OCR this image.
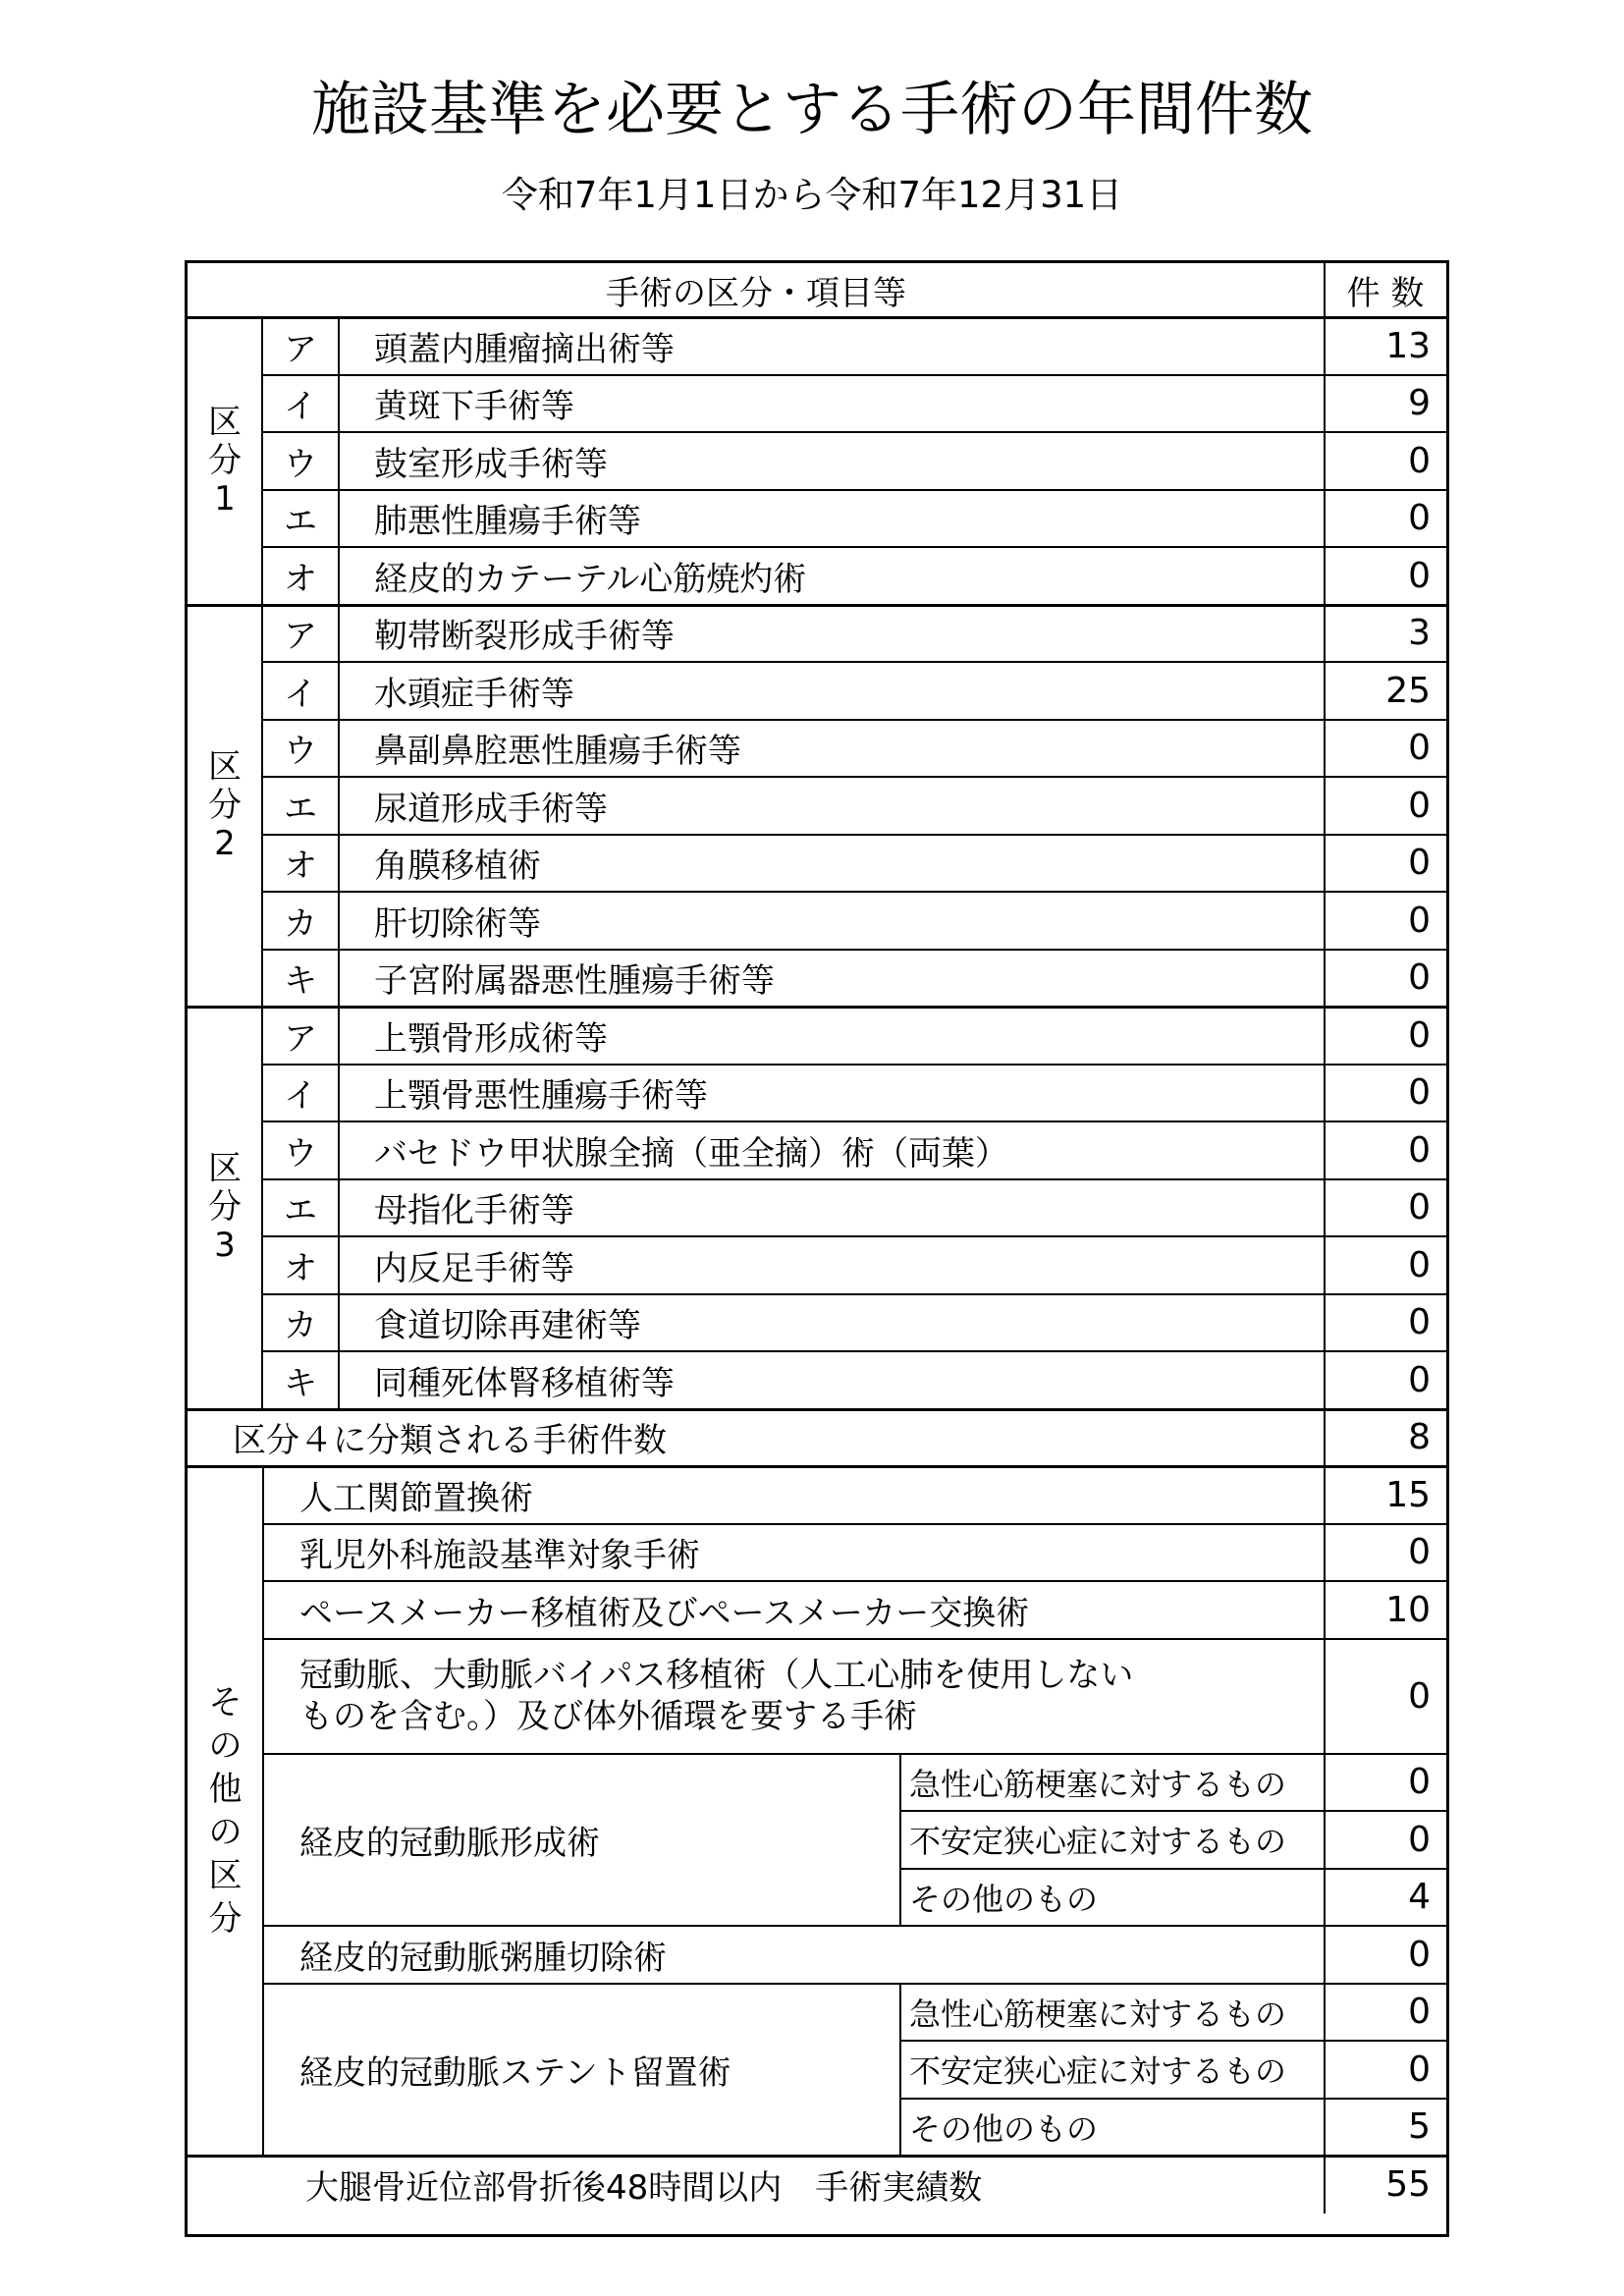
施設基準を必要とする手術の年間件数
令和7年1月1日から令和7年12月31日
手術の区分・項目等	件 数
区
分
1
ア	頭蓋内腫瘤摘出術等	13
イ	黄斑下手術等	9
ウ	鼓室形成手術等	0
エ	肺悪性腫瘍手術等	0
オ	経皮的カテーテル心筋焼灼術	0
区
分
2
ア	靭帯断裂形成手術等	3
イ	水頭症手術等	25
ウ	鼻副鼻腔悪性腫瘍手術等	0
エ	尿道形成手術等	0
オ	角膜移植術	0
カ	肝切除術等	0
キ	子宮附属器悪性腫瘍手術等	0
区
分
3
ア	上顎骨形成術等	0
イ	上顎骨悪性腫瘍手術等	0
ウ	バセドウ甲状腺全摘（亜全摘）術（両葉）	0
エ	母指化手術等	0
オ	内反足手術等	0
カ	食道切除再建術等	0
キ	同種死体腎移植術等	0
区分４に分類される手術件数	8
人工関節置換術	15
乳児外科施設基準対象手術	0
ペースメーカー移植術及びペースメーカー交換術	10
冠動脈、大動脈バイパス移植術（人工心肺を使用しない
ものを含む。）及び体外循環を要する手術
0
経皮的冠動脈形成術
急性心筋梗塞に対するもの	0
不安定狭心症に対するもの	0
その他のもの	4
経皮的冠動脈粥腫切除術	0
経皮的冠動脈ステント留置術
急性心筋梗塞に対するもの	0
不安定狭心症に対するもの	0
その他のもの	5
そ
の
他
の
区
分
大腿骨近位部骨折後48時間以内　手術実績数	55
